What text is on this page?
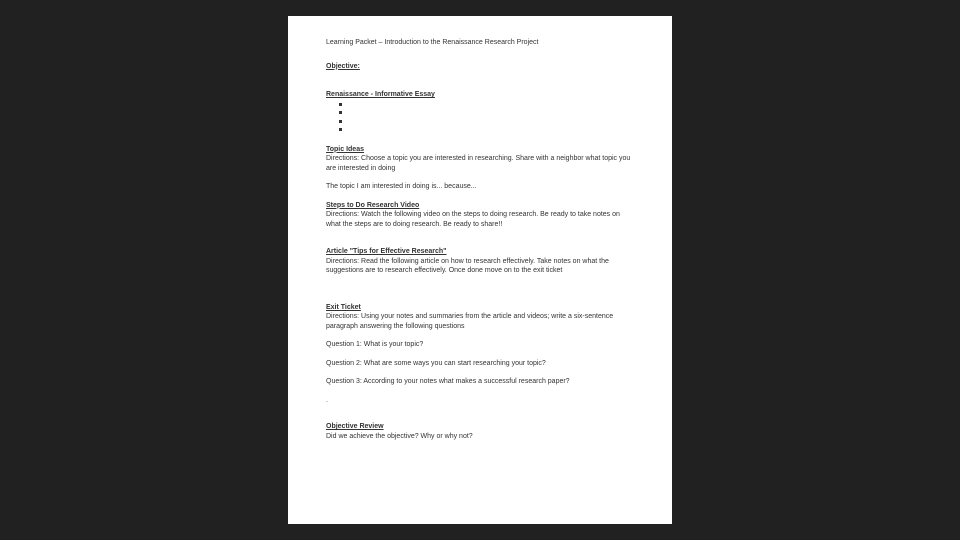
Learning Packet – Introduction to the Renaissance Research Project

Objective:

Renaissance - Informative Essay

Topic Ideas

Directions: Choose a topic you are interested in researching. Share with a neighbor what topic you are interested in doing

The topic I am interested in doing is... because...

Steps to Do Research Video

Directions: Watch the following video on the steps to doing research. Be ready to take notes on what the steps are to doing research. Be ready to share!!

Article "Tips for Effective Research"

Directions: Read the following article on how to research effectively. Take notes on what the suggestions are to research effectively. Once done move on to the exit ticket

Exit Ticket

Directions: Using your notes and summaries from the article and videos; write a six-sentence paragraph answering the following questions

Question 1: What is your topic?

Question 2: What are some ways you can start researching your topic?

Question 3: According to your notes what makes a successful research paper?

.

Objective Review

Did we achieve the objective? Why or why not?
